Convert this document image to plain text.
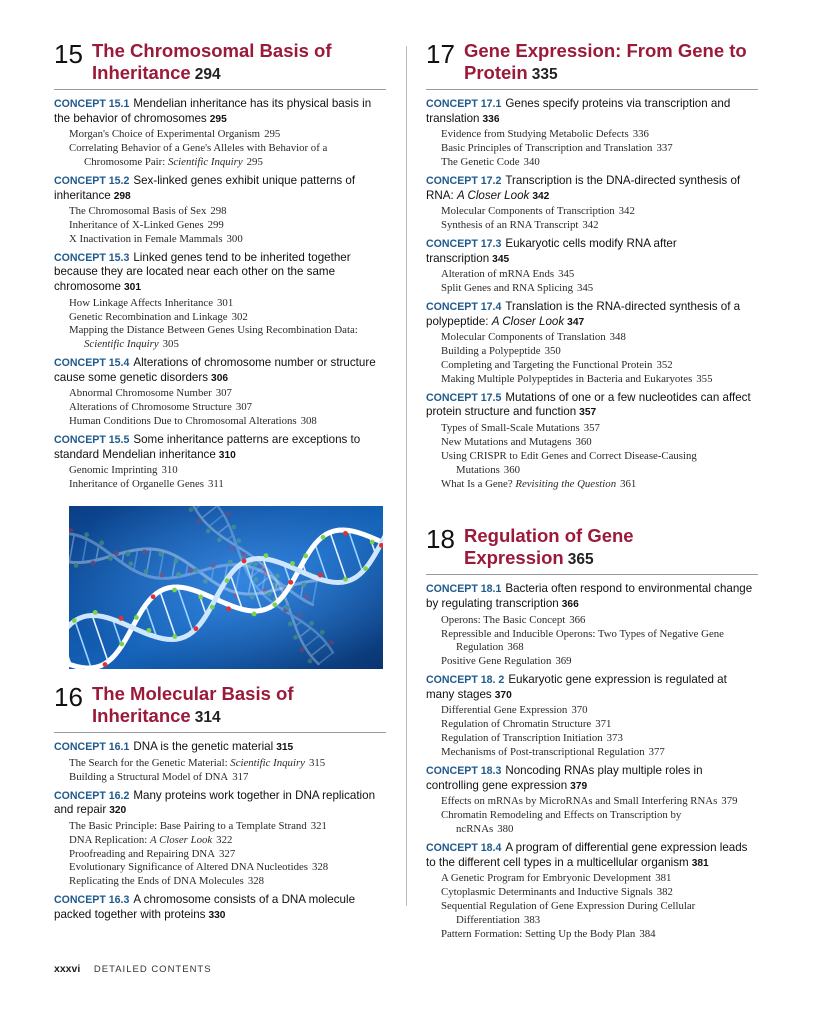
15 The Chromosomal Basis of Inheritance 294
CONCEPT 15.1 Mendelian inheritance has its physical basis in the behavior of chromosomes 295
Morgan's Choice of Experimental Organism 295
Correlating Behavior of a Gene's Alleles with Behavior of a
Chromosome Pair: Scientific Inquiry 295
CONCEPT 15.2 Sex-linked genes exhibit unique patterns of inheritance 298
The Chromosomal Basis of Sex 298
Inheritance of X-Linked Genes 299
X Inactivation in Female Mammals 300
CONCEPT 15.3 Linked genes tend to be inherited together because they are located near each other on the same chromosome 301
How Linkage Affects Inheritance 301
Genetic Recombination and Linkage 302
Mapping the Distance Between Genes Using Recombination Data:
Scientific Inquiry 305
CONCEPT 15.4 Alterations of chromosome number or structure cause some genetic disorders 306
Abnormal Chromosome Number 307
Alterations of Chromosome Structure 307
Human Conditions Due to Chromosomal Alterations 308
CONCEPT 15.5 Some inheritance patterns are exceptions to standard Mendelian inheritance 310
Genomic Imprinting 310
Inheritance of Organelle Genes 311
16 The Molecular Basis of Inheritance 314
CONCEPT 16.1 DNA is the genetic material 315
The Search for the Genetic Material: Scientific Inquiry 315
Building a Structural Model of DNA 317
CONCEPT 16.2 Many proteins work together in DNA replication and repair 320
The Basic Principle: Base Pairing to a Template Strand 321
DNA Replication: A Closer Look 322
Proofreading and Repairing DNA 327
Evolutionary Significance of Altered DNA Nucleotides 328
Replicating the Ends of DNA Molecules 328
CONCEPT 16.3 A chromosome consists of a DNA molecule packed together with proteins 330
17 Gene Expression: From Gene to Protein 335
CONCEPT 17.1 Genes specify proteins via transcription and translation 336
Evidence from Studying Metabolic Defects 336
Basic Principles of Transcription and Translation 337
The Genetic Code 340
CONCEPT 17.2 Transcription is the DNA-directed synthesis of RNA: A Closer Look 342
Molecular Components of Transcription 342
Synthesis of an RNA Transcript 342
CONCEPT 17.3 Eukaryotic cells modify RNA after transcription 345
Alteration of mRNA Ends 345
Split Genes and RNA Splicing 345
CONCEPT 17.4 Translation is the RNA-directed synthesis of a polypeptide: A Closer Look 347
Molecular Components of Translation 348
Building a Polypeptide 350
Completing and Targeting the Functional Protein 352
Making Multiple Polypeptides in Bacteria and Eukaryotes 355
CONCEPT 17.5 Mutations of one or a few nucleotides can affect protein structure and function 357
Types of Small-Scale Mutations 357
New Mutations and Mutagens 360
Using CRISPR to Edit Genes and Correct Disease-Causing
Mutations 360
What Is a Gene? Revisiting the Question 361
18 Regulation of Gene Expression 365
CONCEPT 18.1 Bacteria often respond to environmental change by regulating transcription 366
Operons: The Basic Concept 366
Repressible and Inducible Operons: Two Types of Negative Gene
Regulation 368
Positive Gene Regulation 369
CONCEPT 18. 2 Eukaryotic gene expression is regulated at many stages 370
Differential Gene Expression 370
Regulation of Chromatin Structure 371
Regulation of Transcription Initiation 373
Mechanisms of Post-transcriptional Regulation 377
CONCEPT 18.3 Noncoding RNAs play multiple roles in controlling gene expression 379
Effects on mRNAs by MicroRNAs and Small Interfering RNAs 379
Chromatin Remodeling and Effects on Transcription by
ncRNAs 380
CONCEPT 18.4 A program of differential gene expression leads to the different cell types in a multicellular organism 381
A Genetic Program for Embryonic Development 381
Cytoplasmic Determinants and Inductive Signals 382
Sequential Regulation of Gene Expression During Cellular
Differentiation 383
Pattern Formation: Setting Up the Body Plan 384
xxxvi DETAILED CONTENTS
